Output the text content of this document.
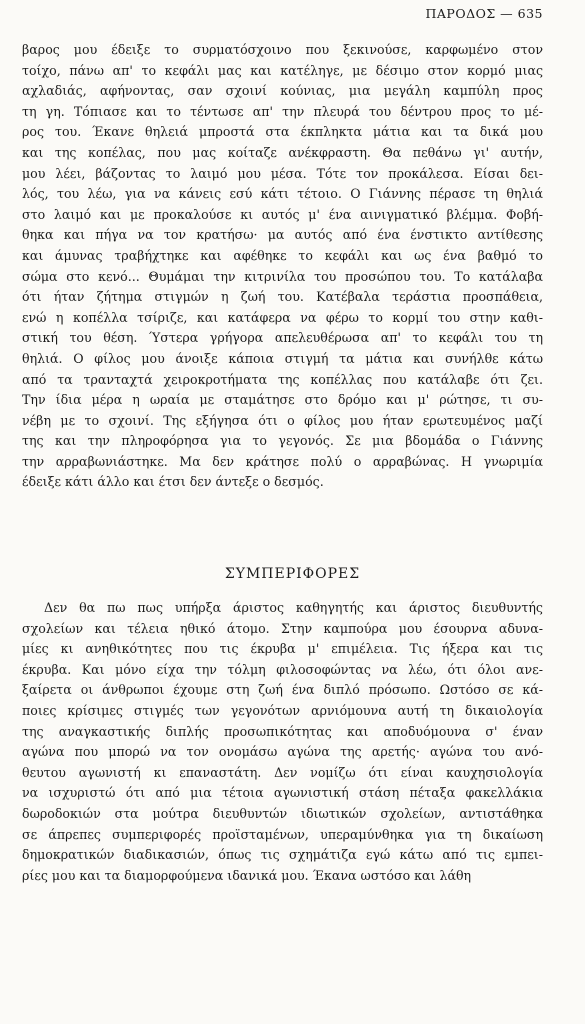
ΠΑΡΟΔΟΣ — 635
βαρος μου έδειξε το συρματόσχοινο που ξεκινούσε, καρφωμένο στον
τοίχο, πάνω απ' το κεφάλι μας και κατέληγε, με δέσιμο στον κορμό μιας
αχλαδιάς, αφήνοντας, σαν σχοινί κούνιας, μια μεγάλη καμπύλη προς
τη γη. Τόπιασε και το τέντωσε απ' την πλευρά του δέντρου προς το μέ-
ρος του. Έκανε θηλειά μπροστά στα έκπληκτα μάτια και τα δικά μου
και της κοπέλας, που μας κοίταζε ανέκφραστη. Θα πεθάνω γι' αυτήν,
μου λέει, βάζοντας το λαιμό μου μέσα. Τότε τον προκάλεσα. Είσαι δει-
λός, του λέω, για να κάνεις εσύ κάτι τέτοιο. Ο Γιάννης πέρασε τη θηλιά
στο λαιμό και με προκαλούσε κι αυτός μ' ένα αινιγματικό βλέμμα. Φοβή-
θηκα και πήγα να τον κρατήσω· μα αυτός από ένα ένστικτο αντίθεσης
και άμυνας τραβήχτηκε και αφέθηκε το κεφάλι και ως ένα βαθμό το
σώμα στο κενό... Θυμάμαι την κιτρινίλα του προσώπου του. Το κατάλαβα
ότι ήταν ζήτημα στιγμών η ζωή του. Κατέβαλα τεράστια προσπάθεια,
ενώ η κοπέλλα τσίριζε, και κατάφερα να φέρω το κορμί του στην καθι-
στική του θέση. Ύστερα γρήγορα απελευθέρωσα απ' το κεφάλι του τη
θηλιά. Ο φίλος μου άνοιξε κάποια στιγμή τα μάτια και συνήλθε κάτω
από τα τρανταχτά χειροκροτήματα της κοπέλλας που κατάλαβε ότι ζει.
Την ίδια μέρα η ωραία με σταμάτησε στο δρόμο και μ' ρώτησε, τι συ-
νέβη με το σχοινί. Της εξήγησα ότι ο φίλος μου ήταν ερωτευμένος μαζί
της και την πληροφόρησα για το γεγονός. Σε μια βδομάδα ο Γιάννης
την αρραβωνιάστηκε. Μα δεν κράτησε πολύ ο αρραβώνας. Η γνωριμία
έδειξε κάτι άλλο και έτσι δεν άντεξε ο δεσμός.
ΣΥΜΠΕΡΙΦΟΡΕΣ
Δεν θα πω πως υπήρξα άριστος καθηγητής και άριστος διευθυντής
σχολείων και τέλεια ηθικό άτομο. Στην καμπούρα μου έσουρνα αδυνα-
μίες κι ανηθικότητες που τις έκρυβα μ' επιμέλεια. Τις ήξερα και τις
έκρυβα. Και μόνο είχα την τόλμη φιλοσοφώντας να λέω, ότι όλοι ανε-
ξαίρετα οι άνθρωποι έχουμε στη ζωή ένα διπλό πρόσωπο. Ωστόσο σε κά-
ποιες κρίσιμες στιγμές των γεγονότων αρνιόμουνα αυτή τη δικαιολογία
της αναγκαστικής διπλής προσωπικότητας και αποδυόμουνα σ' έναν
αγώνα που μπορώ να τον ονομάσω αγώνα της αρετής· αγώνα του ανό-
θευτου αγωνιστή κι επαναστάτη. Δεν νομίζω ότι είναι καυχησιολογία
να ισχυριστώ ότι από μια τέτοια αγωνιστική στάση πέταξα φακελλάκια
δωροδοκιών στα μούτρα διευθυντών ιδιωτικών σχολείων, αντιστάθηκα
σε άπρεπες συμπεριφορές προϊσταμένων, υπεραμύνθηκα για τη δικαίωση
δημοκρατικών διαδικασιών, όπως τις σχημάτιζα εγώ κάτω από τις εμπει-
ρίες μου και τα διαμορφούμενα ιδανικά μου. Έκανα ωστόσο και λάθη
